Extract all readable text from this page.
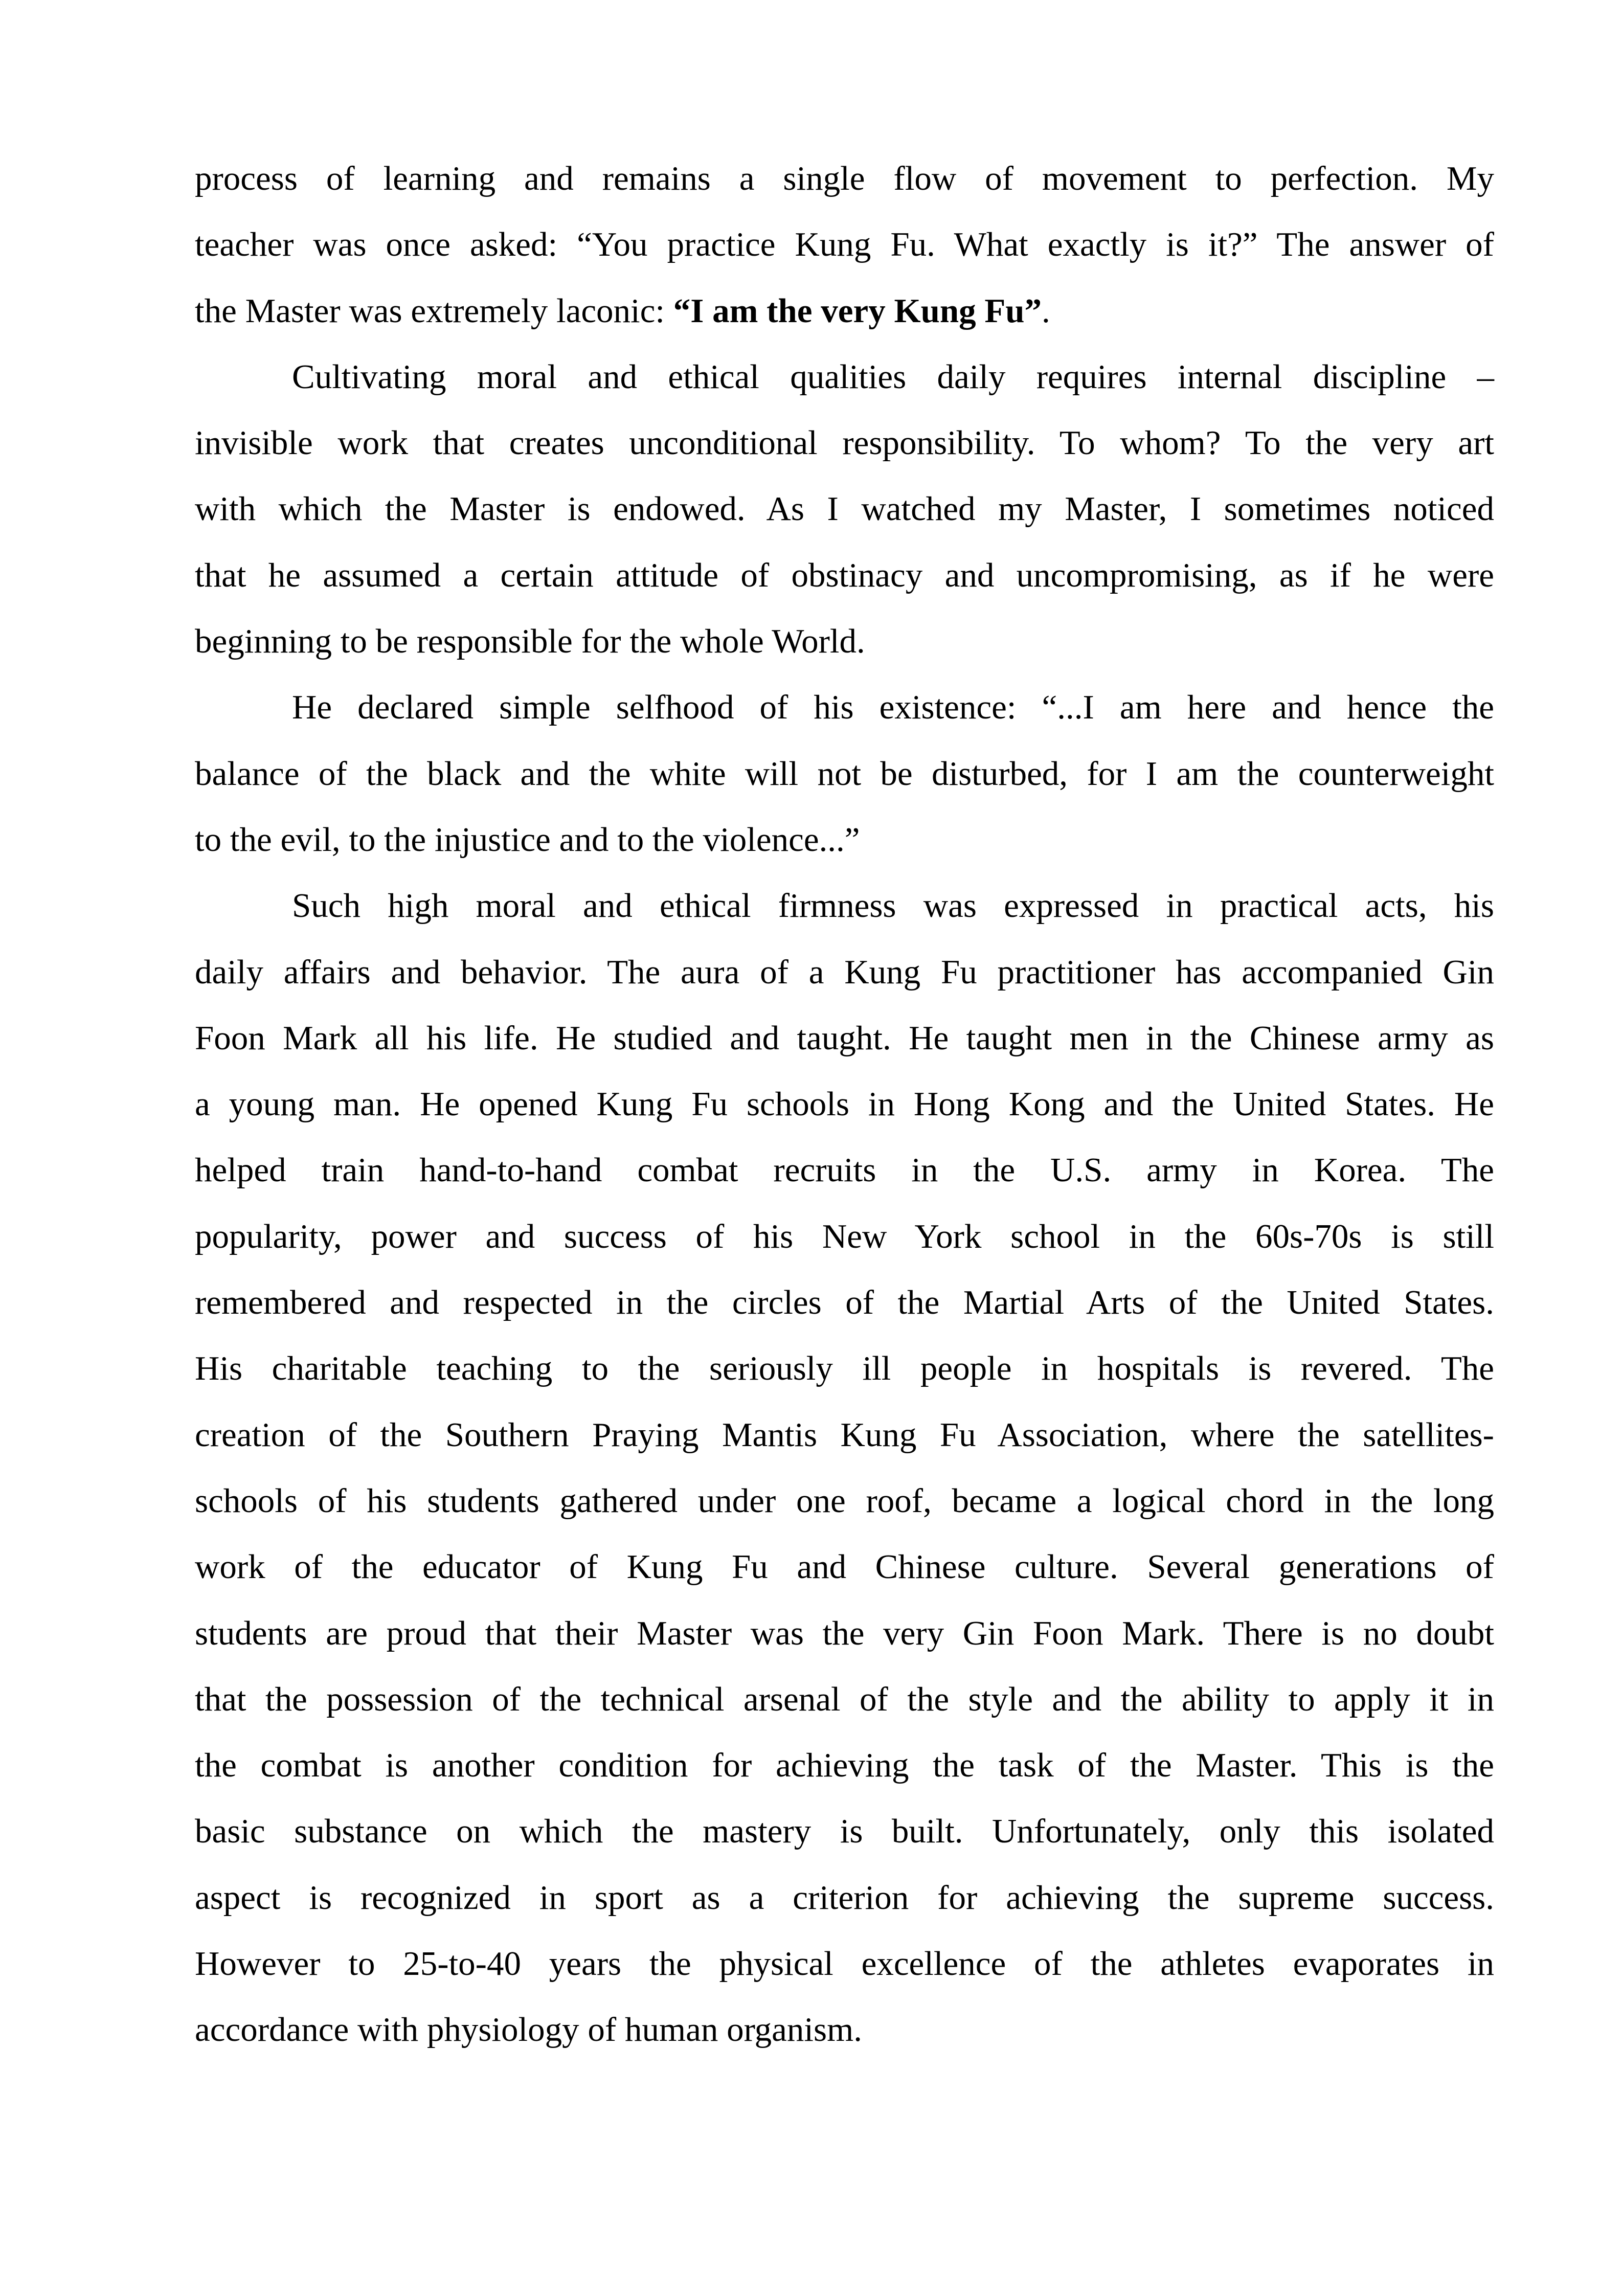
process of learning and remains a single flow of movement to perfection. My
teacher was once asked: “You practice Kung Fu. What exactly is it?” The answer of
the Master was extremely laconic: “I am the very Kung Fu”.
Cultivating moral and ethical qualities daily requires internal discipline –
invisible work that creates unconditional responsibility. To whom? To the very art
with which the Master is endowed. As I watched my Master, I sometimes noticed
that he assumed a certain attitude of obstinacy and uncompromising, as if he were
beginning to be responsible for the whole World.
He declared simple selfhood of his existence: “...I am here and hence the
balance of the black and the white will not be disturbed, for I am the counterweight
to the evil, to the injustice and to the violence...”
Such high moral and ethical firmness was expressed in practical acts, his
daily affairs and behavior. The aura of a Kung Fu practitioner has accompanied Gin
Foon Mark all his life. He studied and taught. He taught men in the Chinese army as
a young man. He opened Kung Fu schools in Hong Kong and the United States. He
helped train hand-to-hand combat recruits in the U.S. army in Korea. The
popularity, power and success of his New York school in the 60s-70s is still
remembered and respected in the circles of the Martial Arts of the United States.
His charitable teaching to the seriously ill people in hospitals is revered. The
creation of the Southern Praying Mantis Kung Fu Association, where the satellites-
schools of his students gathered under one roof, became a logical chord in the long
work of the educator of Kung Fu and Chinese culture. Several generations of
students are proud that their Master was the very Gin Foon Mark. There is no doubt
that the possession of the technical arsenal of the style and the ability to apply it in
the combat is another condition for achieving the task of the Master. This is the
basic substance on which the mastery is built. Unfortunately, only this isolated
aspect is recognized in sport as a criterion for achieving the supreme success.
However to 25-to-40 years the physical excellence of the athletes evaporates in
accordance with physiology of human organism.
